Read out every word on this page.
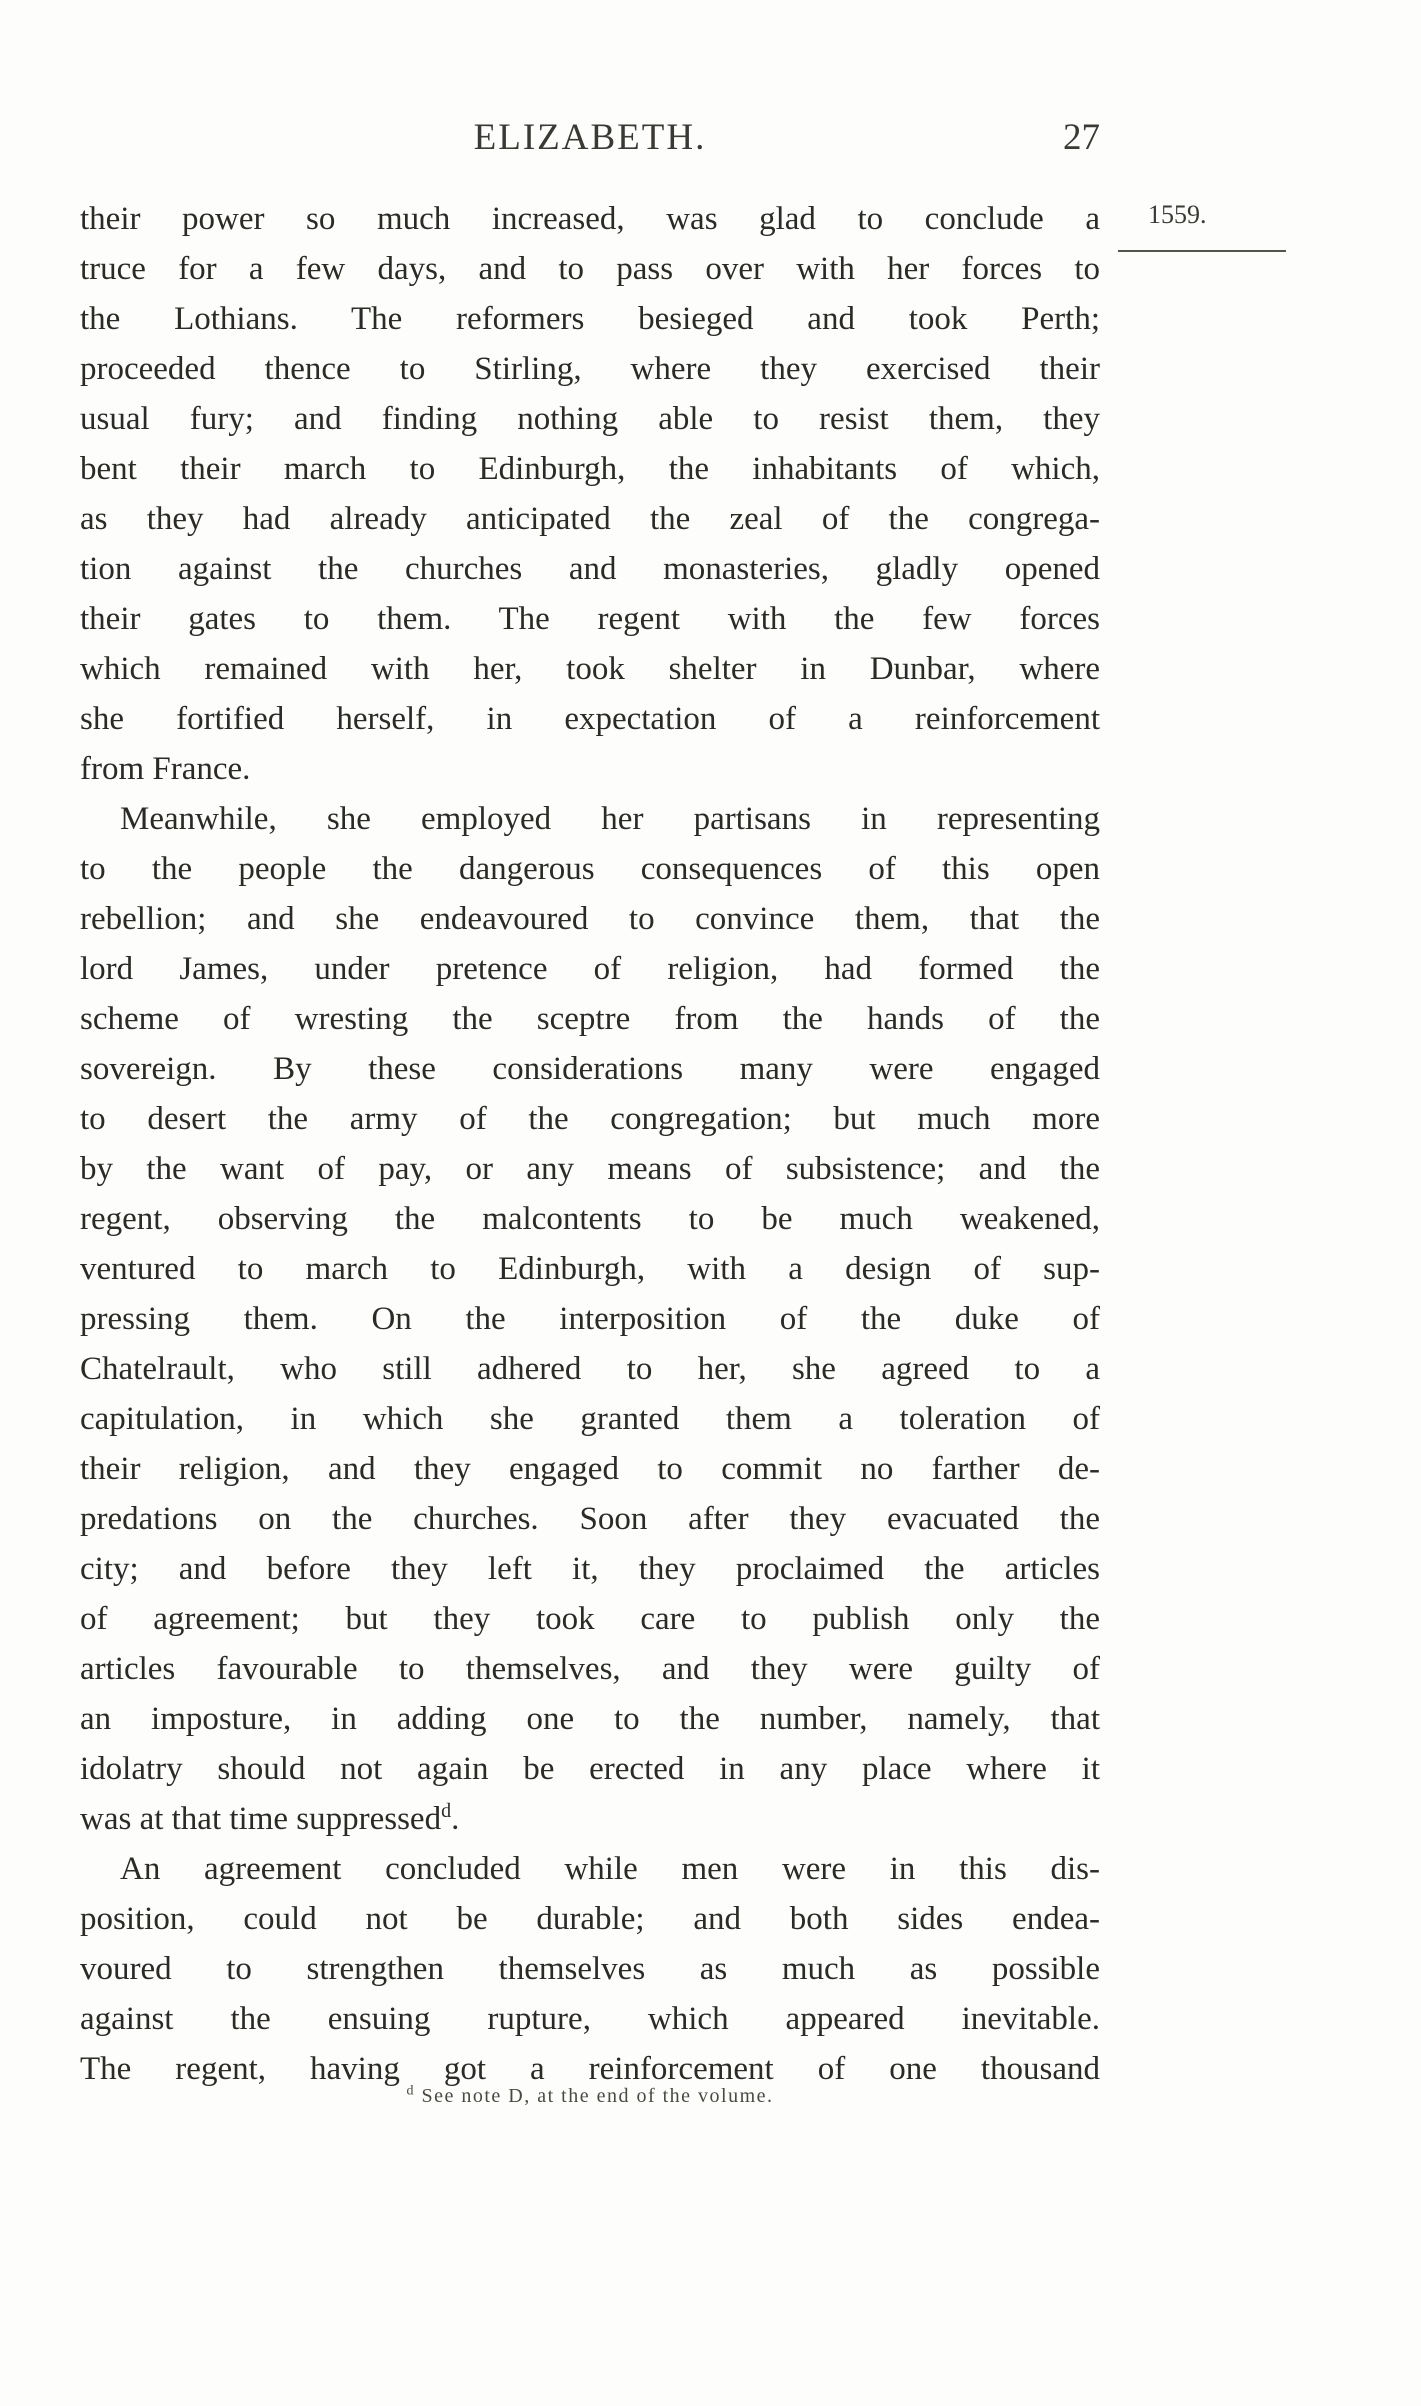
ELIZABETH.	27
1559.
their power so much increased, was glad to conclude a
truce for a few days, and to pass over with her forces to
the Lothians. The reformers besieged and took Perth;
proceeded thence to Stirling, where they exercised their
usual fury; and finding nothing able to resist them, they
bent their march to Edinburgh, the inhabitants of which,
as they had already anticipated the zeal of the congrega-
tion against the churches and monasteries, gladly opened
their gates to them. The regent with the few forces
which remained with her, took shelter in Dunbar, where
she fortified herself, in expectation of a reinforcement
from France.
Meanwhile, she employed her partisans in representing
to the people the dangerous consequences of this open
rebellion; and she endeavoured to convince them, that the
lord James, under pretence of religion, had formed the
scheme of wresting the sceptre from the hands of the
sovereign. By these considerations many were engaged
to desert the army of the congregation; but much more
by the want of pay, or any means of subsistence; and the
regent, observing the malcontents to be much weakened,
ventured to march to Edinburgh, with a design of sup-
pressing them. On the interposition of the duke of
Chatelrault, who still adhered to her, she agreed to a
capitulation, in which she granted them a toleration of
their religion, and they engaged to commit no farther de-
predations on the churches. Soon after they evacuated the
city; and before they left it, they proclaimed the articles
of agreement; but they took care to publish only the
articles favourable to themselves, and they were guilty of
an imposture, in adding one to the number, namely, that
idolatry should not again be erected in any place where it
was at that time suppressed$^d$.
An agreement concluded while men were in this dis-
position, could not be durable; and both sides endea-
voured to strengthen themselves as much as possible
against the ensuing rupture, which appeared inevitable.
The regent, having got a reinforcement of one thousand
$^d$ See note D, at the end of the volume.
